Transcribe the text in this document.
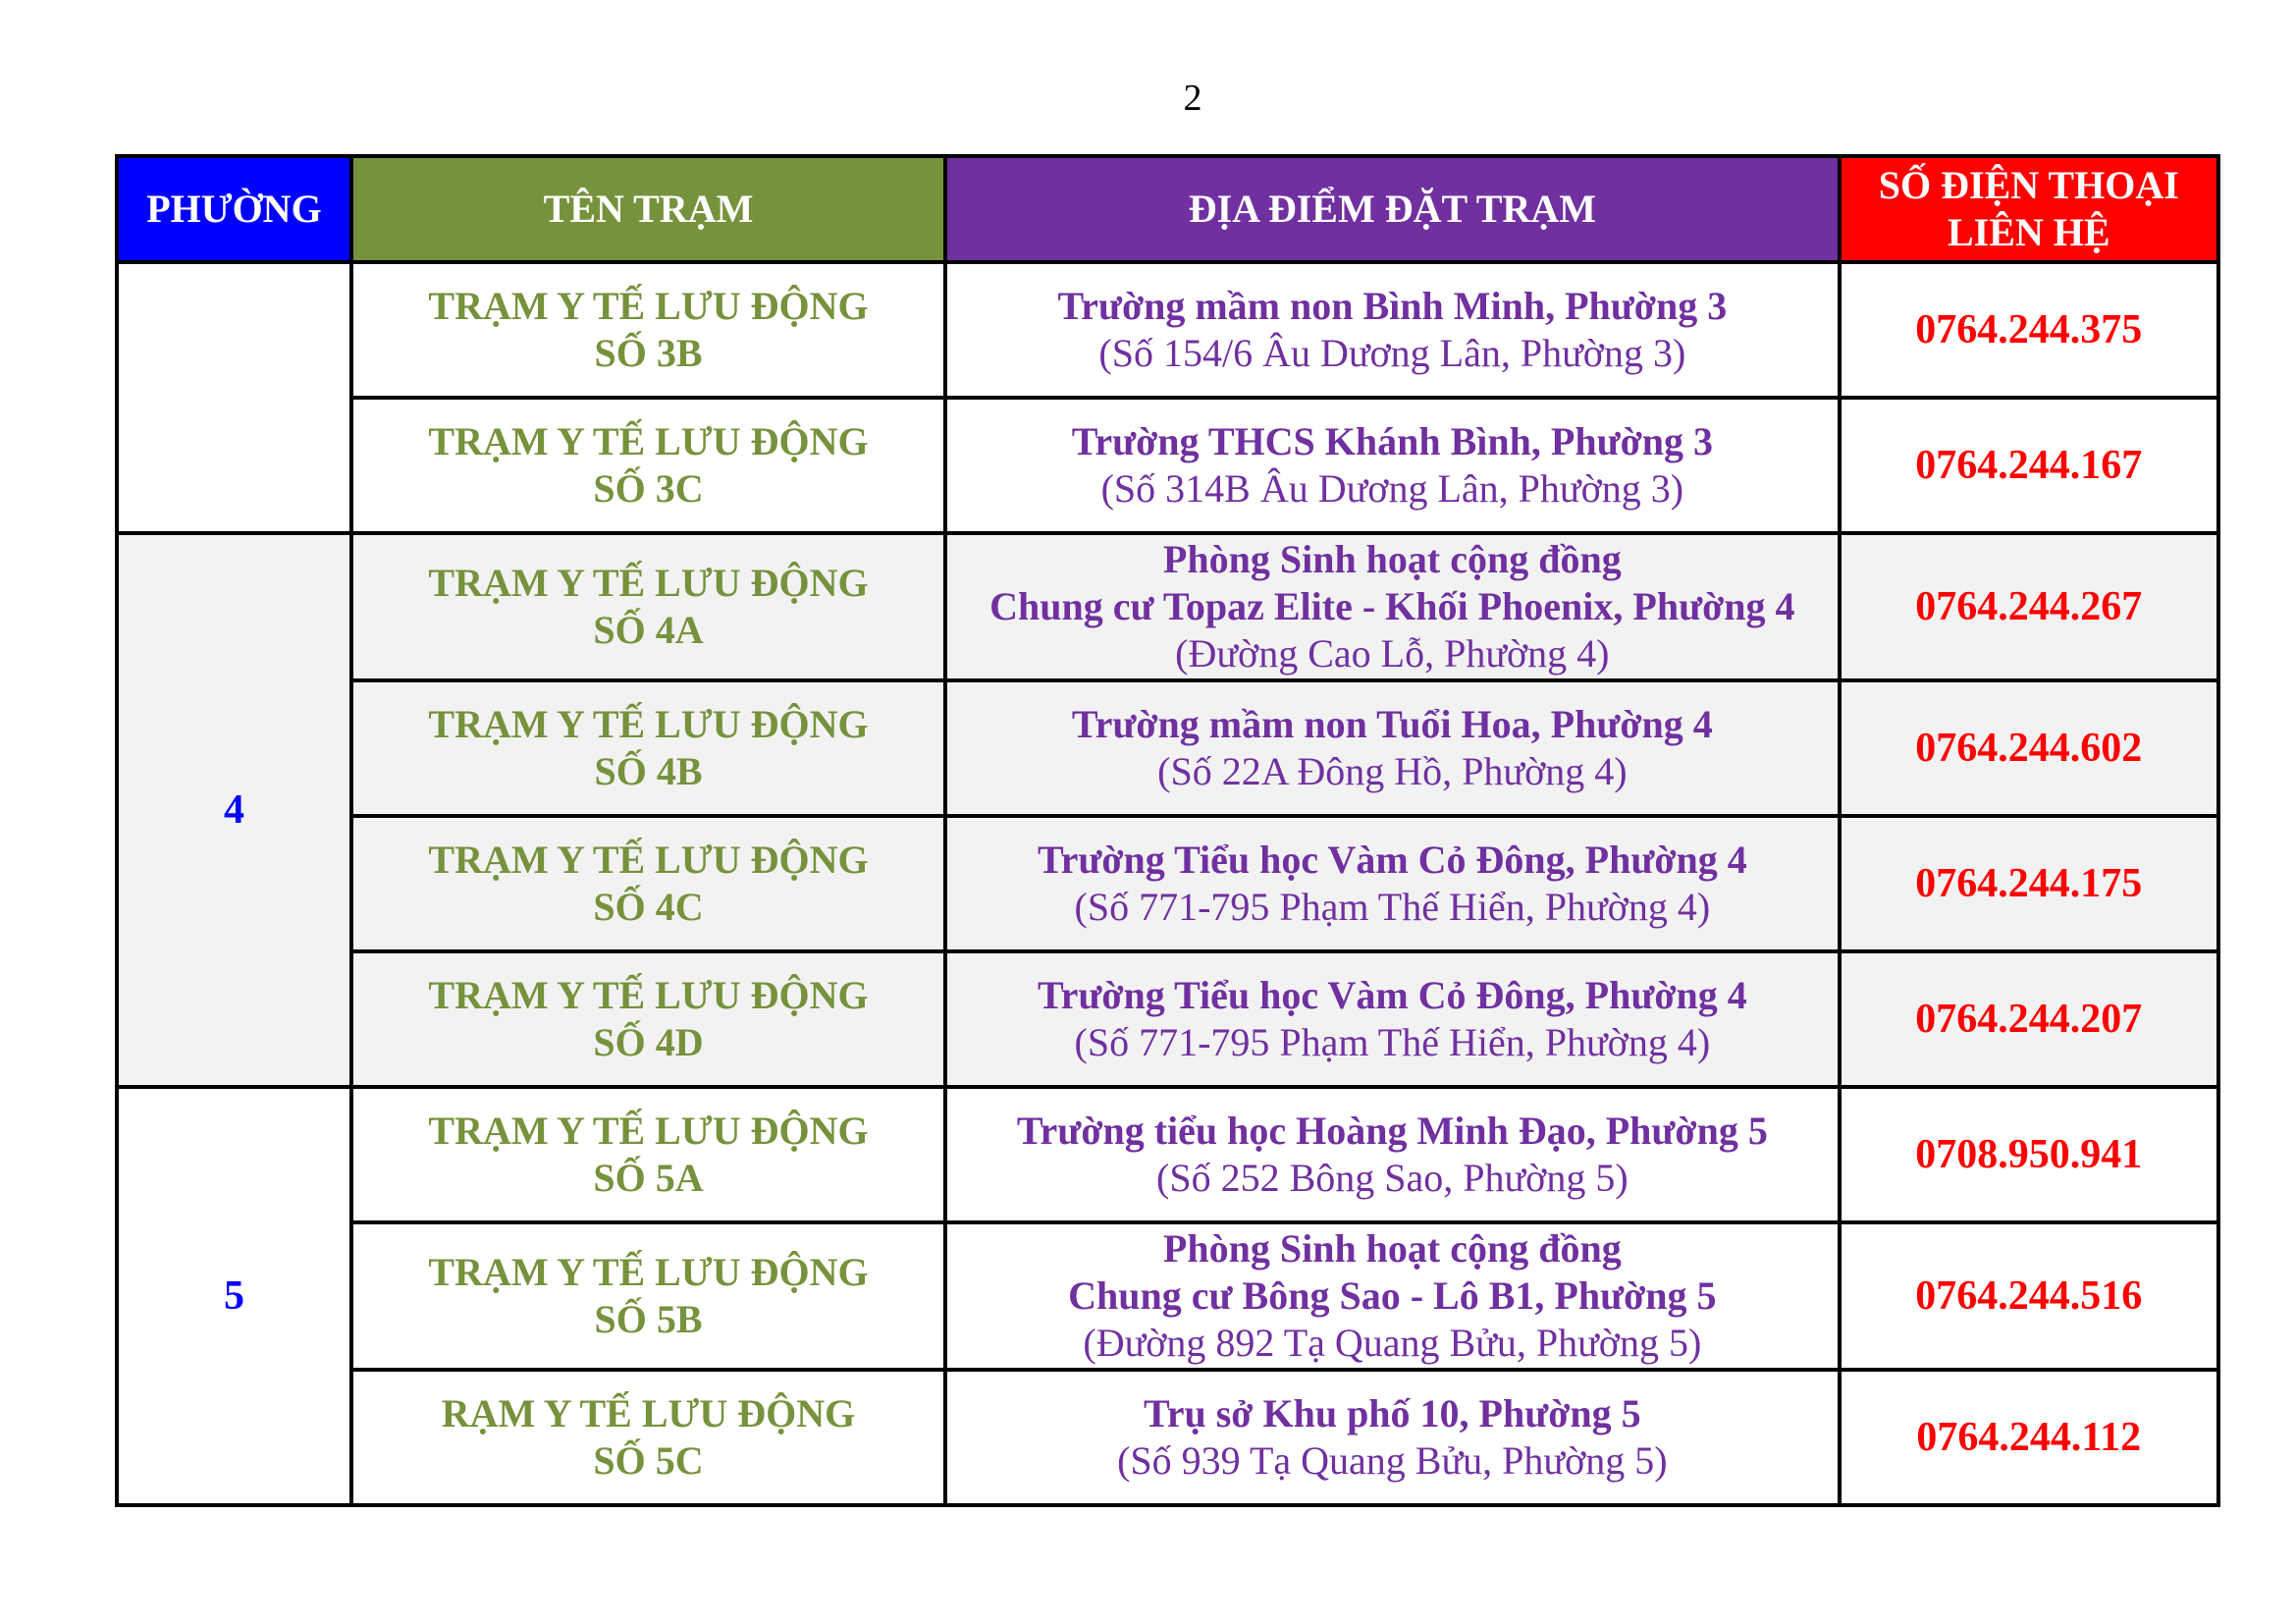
2
PHƯỜNG	TÊN TRẠM	ĐỊA ĐIỂM ĐẶT TRẠM	SỐ ĐIỆN THOẠI
LIÊN HỆ

	TRẠM Y TẾ LƯU ĐỘNG
SỐ 3B	Trường mầm non Bình Minh, Phường 3
(Số 154/6 Âu Dương Lân, Phường 3)	0764.244.375

	TRẠM Y TẾ LƯU ĐỘNG
SỐ 3C	Trường THCS Khánh Bình, Phường 3
(Số 314B Âu Dương Lân, Phường 3)	0764.244.167
4	TRẠM Y TẾ LƯU ĐỘNG
SỐ 4A	Phòng Sinh hoạt cộng đồng
Chung cư Topaz Elite - Khối Phoenix, Phường 4
(Đường Cao Lỗ, Phường 4)	0764.244.267

	TRẠM Y TẾ LƯU ĐỘNG
SỐ 4B	Trường mầm non Tuổi Hoa, Phường 4
(Số 22A Đông Hồ, Phường 4)	0764.244.602

	TRẠM Y TẾ LƯU ĐỘNG
SỐ 4C	Trường Tiểu học Vàm Cỏ Đông, Phường 4
(Số 771-795 Phạm Thế Hiển, Phường 4)	0764.244.175

	TRẠM Y TẾ LƯU ĐỘNG
SỐ 4D	Trường Tiểu học Vàm Cỏ Đông, Phường 4
(Số 771-795 Phạm Thế Hiển, Phường 4)	0764.244.207
5	TRẠM Y TẾ LƯU ĐỘNG
SỐ 5A	Trường tiểu học Hoàng Minh Đạo, Phường 5
(Số 252 Bông Sao, Phường 5)	0708.950.941

	TRẠM Y TẾ LƯU ĐỘNG
SỐ 5B	Phòng Sinh hoạt cộng đồng
Chung cư Bông Sao - Lô B1, Phường 5
(Đường 892 Tạ Quang Bửu, Phường 5)	0764.244.516

	RẠM Y TẾ LƯU ĐỘNG
SỐ 5C	Trụ sở Khu phố 10, Phường 5
(Số 939 Tạ Quang Bửu, Phường 5)	0764.244.112
